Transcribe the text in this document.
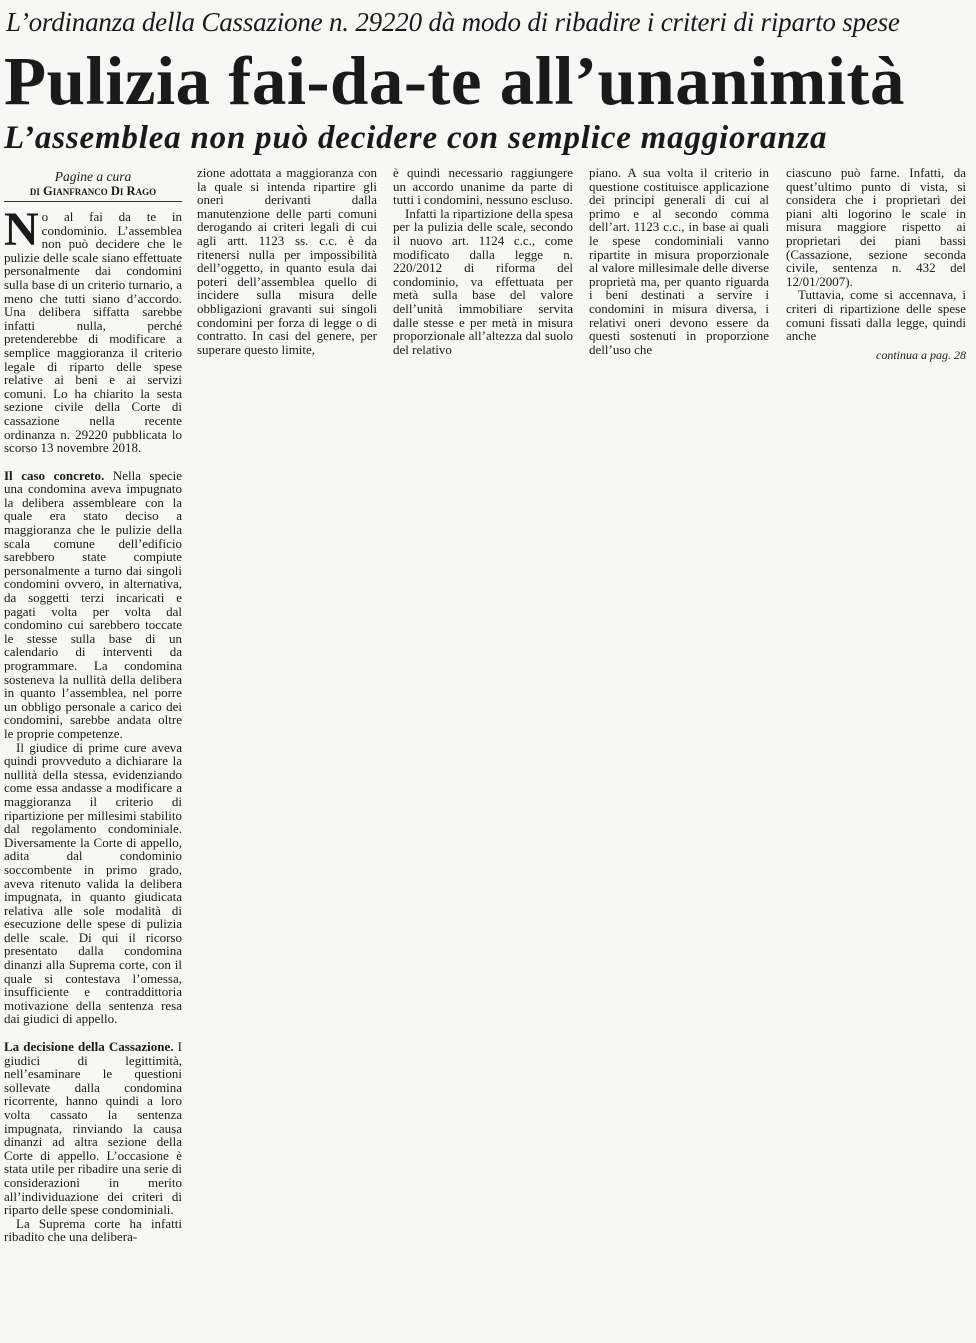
L’ordinanza della Cassazione n. 29220 dà modo di ribadire i criteri di riparto spese
Pulizia fai-da-te all’unanimità
L’assemblea non può decidere con semplice maggioranza
Pagine a cura
di Gianfranco Di Rago

No al fai da te in condominio. L’assemblea non può decidere che le pulizie delle scale siano effettuate personalmente dai condomini sulla base di un criterio turnario, a meno che tutti siano d’accordo. Una delibera siffatta sarebbe infatti nulla, perché pretenderebbe di modificare a semplice maggioranza il criterio legale di riparto delle spese relative ai beni e ai servizi comuni. Lo ha chiarito la sesta sezione civile della Corte di cassazione nella recente ordinanza n. 29220 pubblicata lo scorso 13 novembre 2018.

Il caso concreto. Nella specie una condomina aveva impugnato la delibera assembleare con la quale era stato deciso a maggioranza che le pulizie della scala comune dell’edificio sarebbero state compiute personalmente a turno dai singoli condomini ovvero, in alternativa, da soggetti terzi incaricati e pagati volta per volta dal condomino cui sarebbero toccate le stesse sulla base di un calendario di interventi da programmare. La condomina sosteneva la nullità della delibera in quanto l’assemblea, nel porre un obbligo personale a carico dei condomini, sarebbe andata oltre le proprie competenze.

Il giudice di prime cure aveva quindi provveduto a dichiarare la nullità della stessa, evidenziando come essa andasse a modificare a maggioranza il criterio di ripartizione per millesimi stabilito dal regolamento condominiale. Diversamente la Corte di appello, adita dal condominio soccombente in primo grado, aveva ritenuto valida la delibera impugnata, in quanto giudicata relativa alle sole modalità di esecuzione delle spese di pulizia delle scale. Di qui il ricorso presentato dalla condomina dinanzi alla Suprema corte, con il quale si contestava l’omessa, insufficiente e contraddittoria motivazione della sentenza resa dai giudici di appello.

La decisione della Cassazione. I giudici di legittimità, nell’esaminare le questioni sollevate dalla condomina ricorrente, hanno quindi a loro volta cassato la sentenza impugnata, rinviando la causa dinanzi ad altra sezione della Corte di appello. L’occasione è stata utile per ribadire una serie di considerazioni in merito all’individuazione dei criteri di riparto delle spese condominiali.

La Suprema corte ha infatti ribadito che una delibera-

zione adottata a maggioranza con la quale si intenda ripartire gli oneri derivanti dalla manutenzione delle parti comuni derogando ai criteri legali di cui agli artt. 1123 ss. c.c. è da ritenersi nulla per impossibilità dell’oggetto, in quanto esula dai poteri dell’assemblea quello di incidere sulla misura delle obbligazioni gravanti sui singoli condomini per forza di legge o di contratto. In casi del genere, per superare questo limite,

è quindi necessario raggiungere un accordo unanime da parte di tutti i condomini, nessuno escluso.

Infatti la ripartizione della spesa per la pulizia delle scale, secondo il nuovo art. 1124 c.c., come modificato dalla legge n. 220/2012 di riforma del condominio, va effettuata per metà sulla base del valore dell’unità immobiliare servita dalle stesse e per metà in misura proporzionale all’altezza dal suolo del relativo

piano. A sua volta il criterio in questione costituisce applicazione dei principi generali di cui al primo e al secondo comma dell’art. 1123 c.c., in base ai quali le spese condominiali vanno ripartite in misura proporzionale al valore millesimale delle diverse proprietà ma, per quanto riguarda i beni destinati a servire i condomini in misura diversa, i relativi oneri devono essere da questi sostenuti in proporzione dell’uso che

ciascuno può farne. Infatti, da quest’ultimo punto di vista, si considera che i proprietari dei piani alti logorino le scale in misura maggiore rispetto ai proprietari dei piani bassi (Cassazione, sezione seconda civile, sentenza n. 432 del 12/01/2007).

Tuttavia, come si accennava, i criteri di ripartizione delle spese comuni fissati dalla legge, quindi anche

continua a pag. 28
